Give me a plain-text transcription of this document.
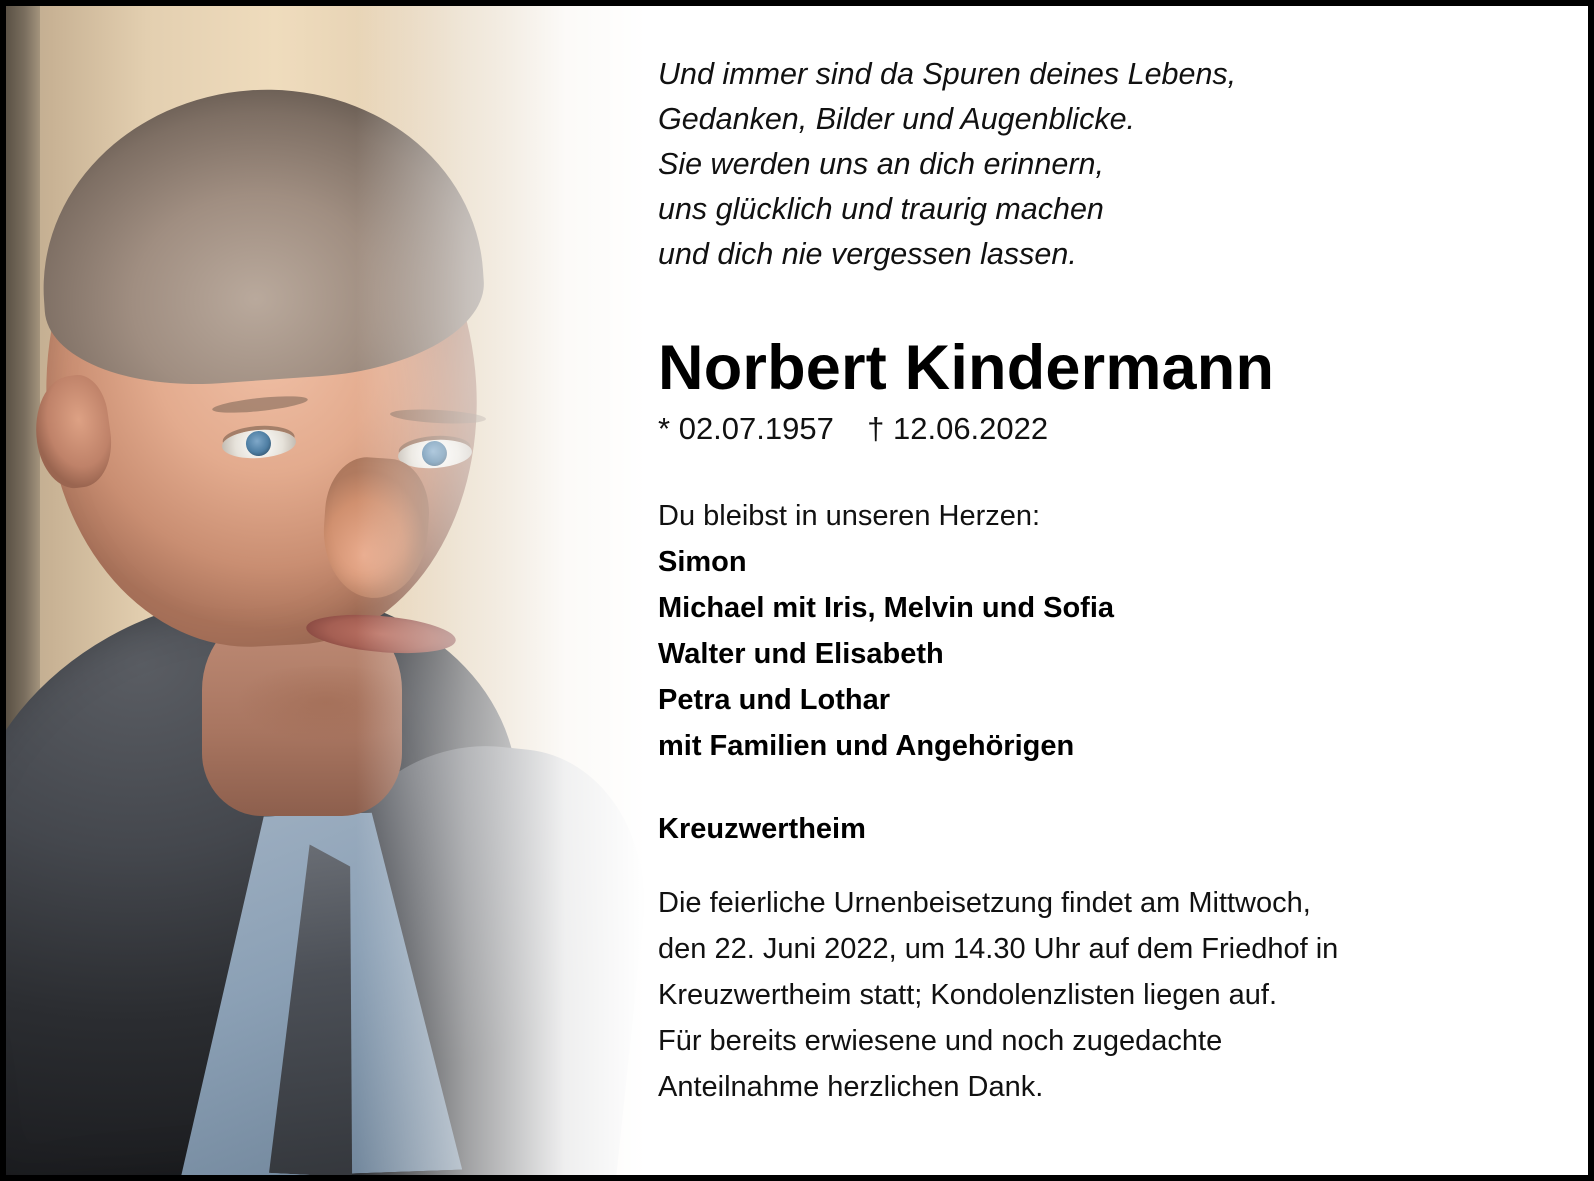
Und immer sind da Spuren deines Lebens,
Gedanken, Bilder und Augenblicke.
Sie werden uns an dich erinnern,
uns glücklich und traurig machen
und dich nie vergessen lassen.
Norbert Kindermann
* 02.07.1957 † 12.06.2022
Du bleibst in unseren Herzen:
Simon
Michael mit Iris, Melvin und Sofia
Walter und Elisabeth
Petra und Lothar
mit Familien und Angehörigen
Kreuzwertheim
Die feierliche Urnenbeisetzung findet am Mittwoch,
den 22. Juni 2022, um 14.30 Uhr auf dem Friedhof in
Kreuzwertheim statt; Kondolenzlisten liegen auf.
Für bereits erwiesene und noch zugedachte
Anteilnahme herzlichen Dank.
